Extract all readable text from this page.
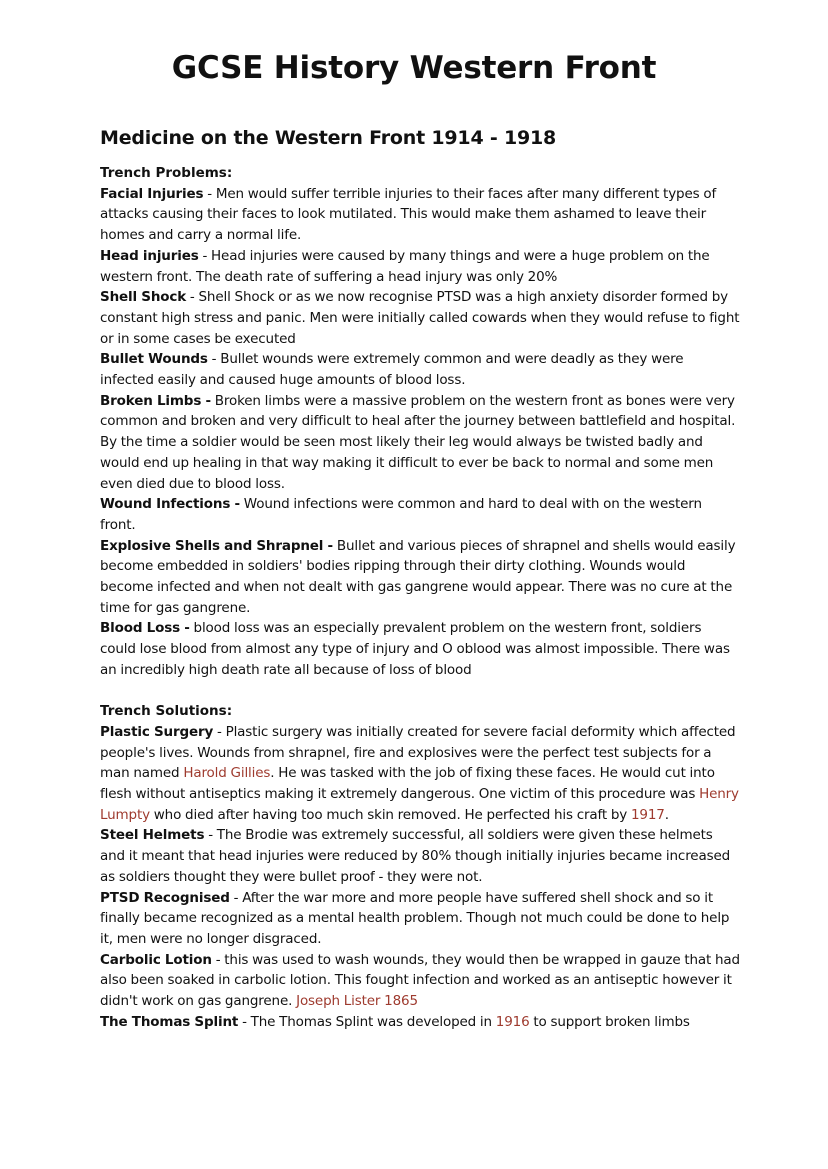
GCSE History Western Front
Medicine on the Western Front 1914 - 1918
Trench Problems:
Facial Injuries - Men would suffer terrible injuries to their faces after many different types of attacks causing their faces to look mutilated. This would make them ashamed to leave their homes and carry a normal life.
Head injuries - Head injuries were caused by many things and were a huge problem on the western front. The death rate of suffering a head injury was only 20%
Shell Shock - Shell Shock or as we now recognise PTSD was a high anxiety disorder formed by constant high stress and panic. Men were initially called cowards when they would refuse to fight or in some cases be executed
Bullet Wounds - Bullet wounds were extremely common and were deadly as they were infected easily and caused huge amounts of blood loss.
Broken Limbs - Broken limbs were a massive problem on the western front as bones were very common and broken and very difficult to heal after the journey between battlefield and hospital. By the time a soldier would be seen most likely their leg would always be twisted badly and would end up healing in that way making it difficult to ever be back to normal and some men even died due to blood loss.
Wound Infections - Wound infections were common and hard to deal with on the western front.
Explosive Shells and Shrapnel - Bullet and various pieces of shrapnel and shells would easily become embedded in soldiers' bodies ripping through their dirty clothing. Wounds would become infected and when not dealt with gas gangrene would appear. There was no cure at the time for gas gangrene.
Blood Loss - blood loss was an especially prevalent problem on the western front, soldiers could lose blood from almost any type of injury and O oblood was almost impossible. There was an incredibly high death rate all because of loss of blood
Trench Solutions:
Plastic Surgery - Plastic surgery was initially created for severe facial deformity which affected people's lives. Wounds from shrapnel, fire and explosives were the perfect test subjects for a man named Harold Gillies. He was tasked with the job of fixing these faces. He would cut into flesh without antiseptics making it extremely dangerous. One victim of this procedure was Henry Lumpty who died after having too much skin removed. He perfected his craft by 1917.
Steel Helmets - The Brodie was extremely successful, all soldiers were given these helmets and it meant that head injuries were reduced by 80% though initially injuries became increased as soldiers thought they were bullet proof - they were not.
PTSD Recognised - After the war more and more people have suffered shell shock and so it finally became recognized as a mental health problem. Though not much could be done to help it, men were no longer disgraced.
Carbolic Lotion - this was used to wash wounds, they would then be wrapped in gauze that had also been soaked in carbolic lotion. This fought infection and worked as an antiseptic however it didn't work on gas gangrene. Joseph Lister 1865
The Thomas Splint - The Thomas Splint was developed in 1916 to support broken limbs
